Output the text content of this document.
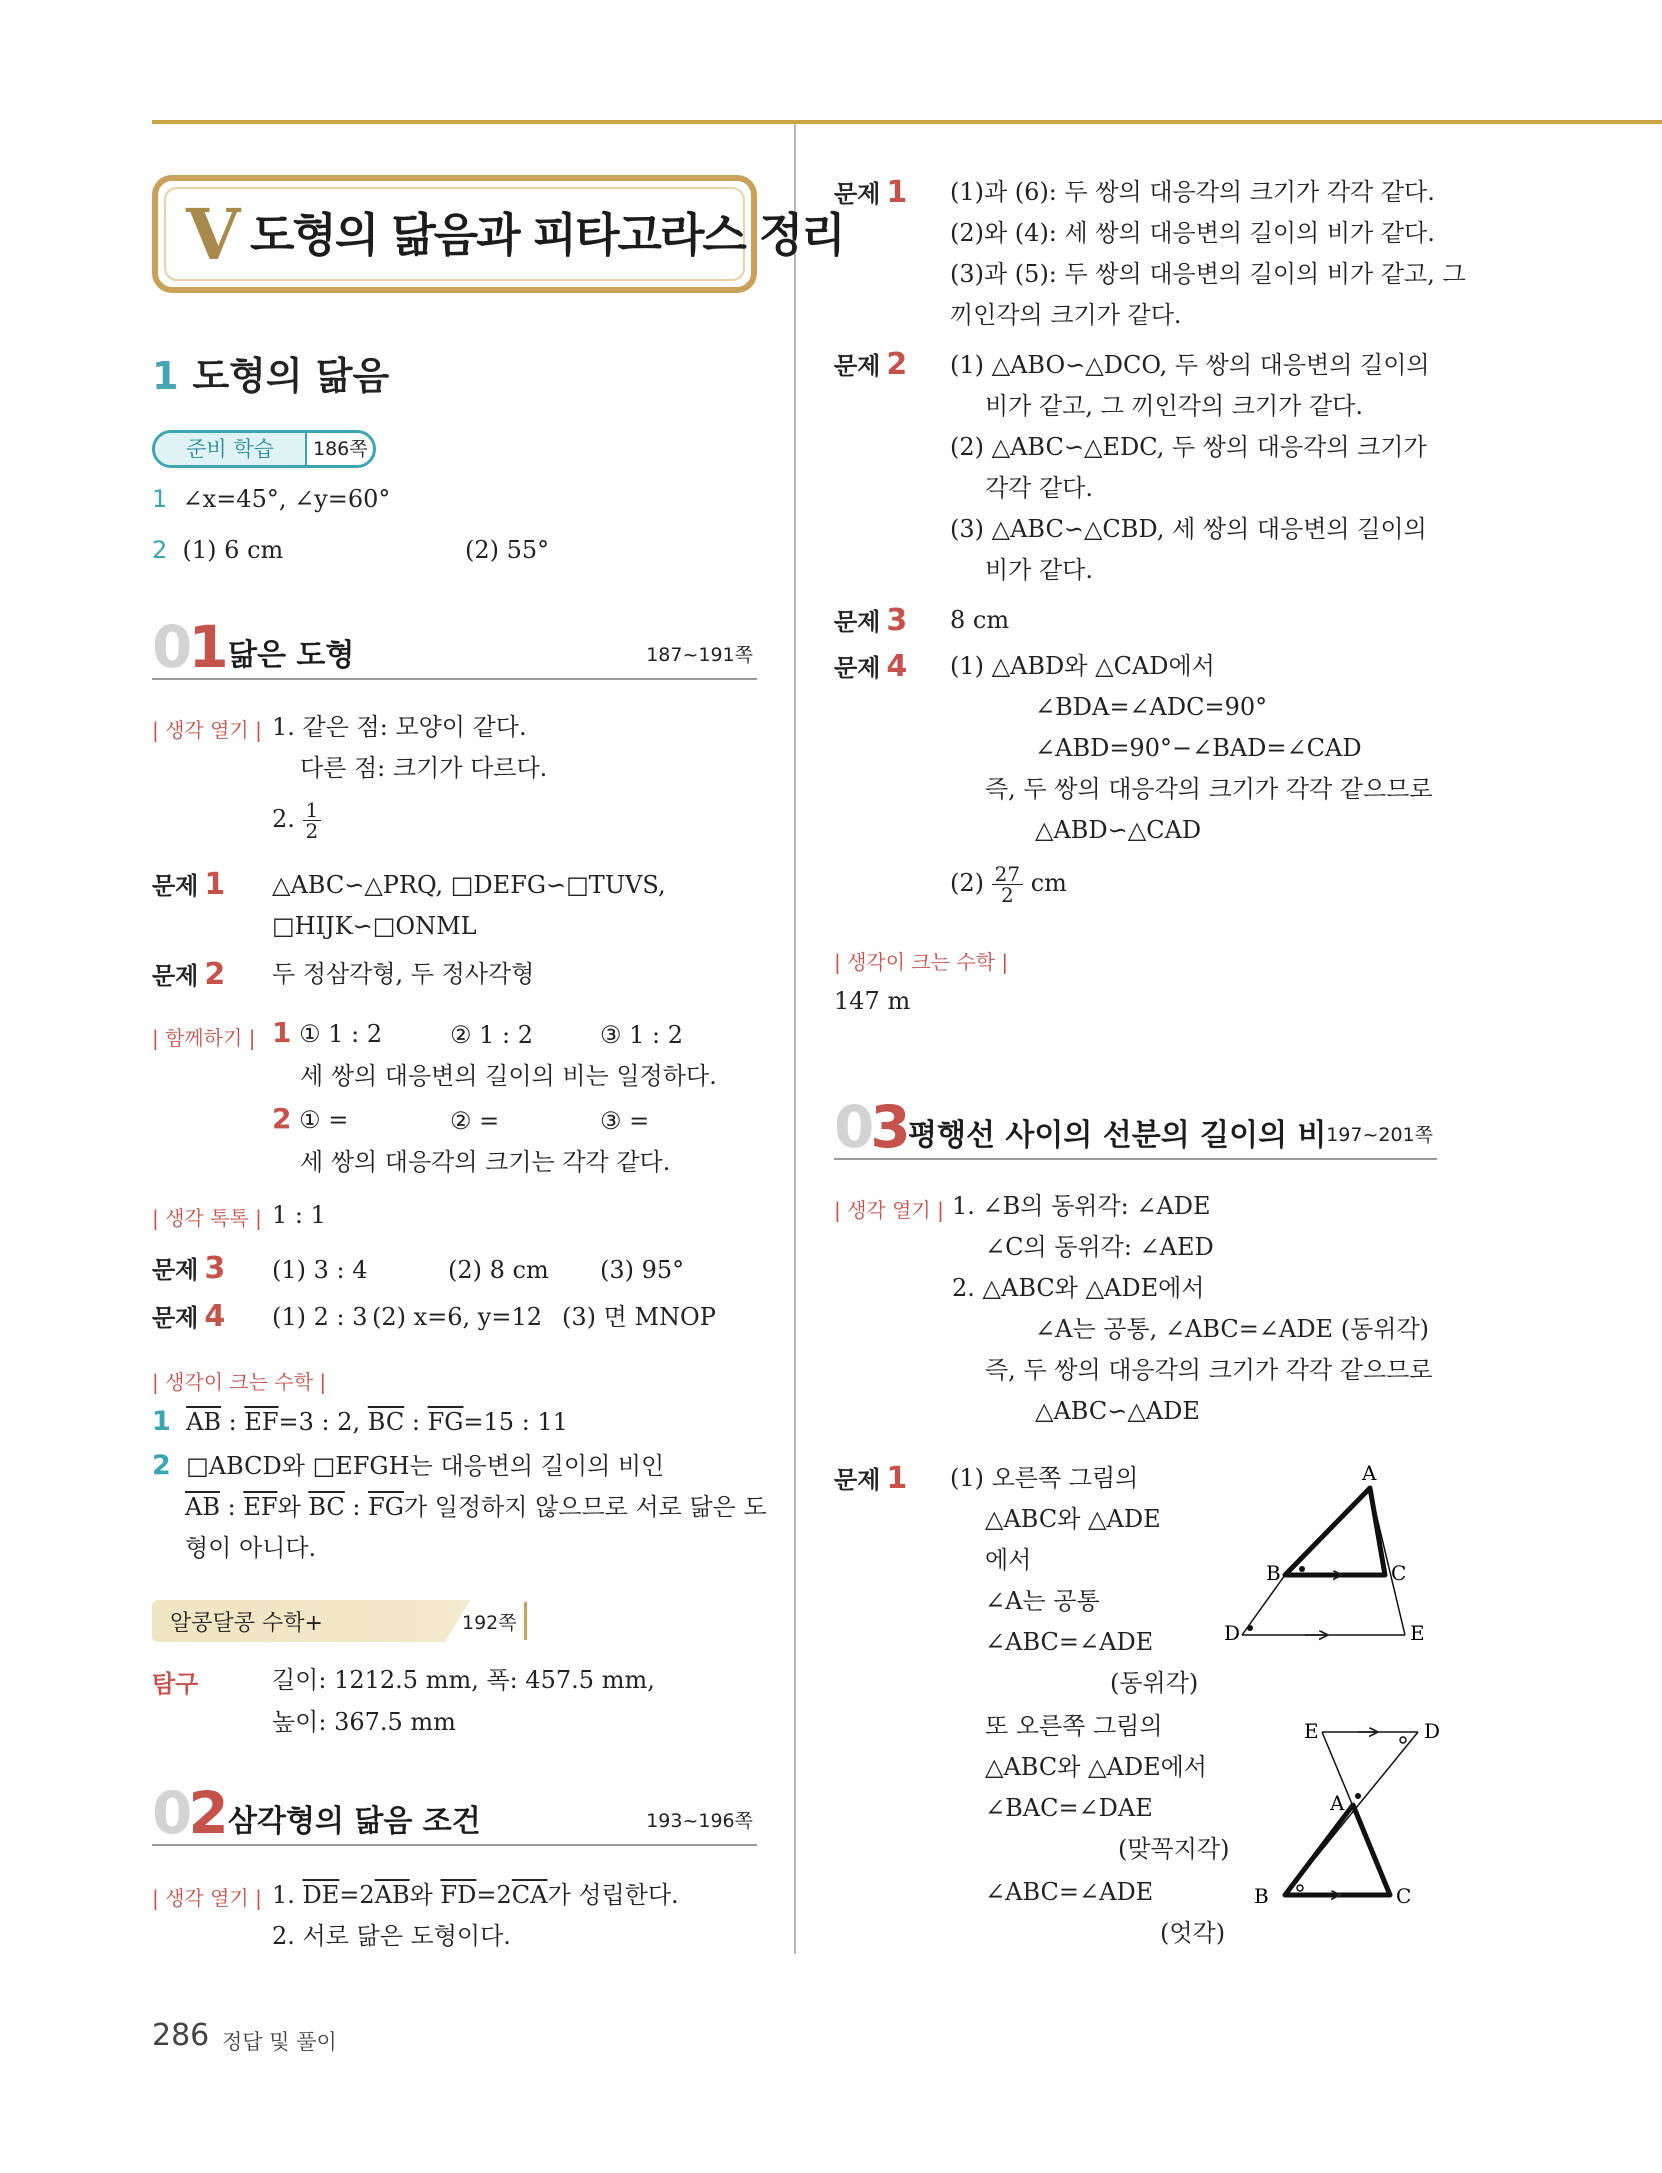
V 도형의 닮음과 피타고라스 정리
1 도형의 닮음
준비 학습	186쪽
1 ∠x=45°, ∠y=60°
2 (1) 6 cm	(2) 55°
01 닮은 도형	187~191쪽
| 생각 열기 | 1. 같은 점: 모양이 같다.
다른 점: 크기가 다르다.
2. $\frac{1}{2}$
문제 1 △ABC∽△PRQ, □DEFG∽□TUVS,
□HIJK∽□ONML
문제 2 두 정삼각형, 두 정사각형
| 함께하기 | 1 ① 1 : 2	② 1 : 2	③ 1 : 2
세 쌍의 대응변의 길이의 비는 일정하다.
2 ① =	② =	③ =
세 쌍의 대응각의 크기는 각각 같다.
| 생각 톡톡 | 1 : 1
문제 3 (1) 3 : 4	(2) 8 cm (3) 95°
문제 4 (1) 2 : 3 (2) x=6, y=12 (3) 면 MNOP
| 생각이 크는 수학 |
1 $\overline{AB}$ : $\overline{EF}=3$ : 2, $\overline{BC}$ : $\overline{FG}=15$ : 11
2 □ABCD와 □EFGH는 대응변의 길이의 비인
$\overline{AB}$ : $\overline{EF}$와 $\overline{BC}$ : $\overline{FG}$가 일정하지 않으므로 서로 닮은 도
형이 아니다.
알콩달콩 수학+	192쪽
탐구	길이: 1212.5 mm, 폭: 457.5 mm,
높이: 367.5 mm
02 삼각형의 닮음 조건	193~196쪽
| 생각 열기 | 1. $\overline{DE}=2\overline{AB}$와 $\overline{FD}=2\overline{CA}$가 성립한다.
2. 서로 닮은 도형이다.
286 정답 및 풀이
문제 1 (1)과 (6): 두 쌍의 대응각의 크기가 각각 같다.
(2)와 (4): 세 쌍의 대응변의 길이의 비가 같다.
(3)과 (5): 두 쌍의 대응변의 길이의 비가 같고, 그
끼인각의 크기가 같다.
문제 2 (1) △ABO∽△DCO, 두 쌍의 대응변의 길이의
비가 같고, 그 끼인각의 크기가 같다.
(2) △ABC∽△EDC, 두 쌍의 대응각의 크기가
각각 같다.
(3) △ABC∽△CBD, 세 쌍의 대응변의 길이의
비가 같다.
문제 3 8 cm
문제 4 (1) △ABD와 △CAD에서
∠BDA=∠ADC=90°
∠ABD=90°−∠BAD=∠CAD
즉, 두 쌍의 대응각의 크기가 각각 같으므로
△ABD∽△CAD
$(2) \frac{27}{2}$ cm
| 생각이 크는 수학 |
147 m
03 평행선 사이의 선분의 길이의 비 197~201쪽
| 생각 열기 | 1. ∠B의 동위각: ∠ADE
∠C의 동위각: ∠AED
2. △ABC와 △ADE에서
∠A는 공통, ∠ABC=∠ADE (동위각)
즉, 두 쌍의 대응각의 크기가 각각 같으므로
△ABC∽△ADE
문제 1 (1) 오른쪽 그림의
△ABC와 △ADE
에서
∠A는 공통
∠ABC=∠ADE
(동위각)
또 오른쪽 그림의
△ABC와 △ADE에서
∠BAC=∠DAE
(맞꼭지각)
∠ABC=∠ADE
(엇각)
A
B	C
D	E
E	D
A
B	C
